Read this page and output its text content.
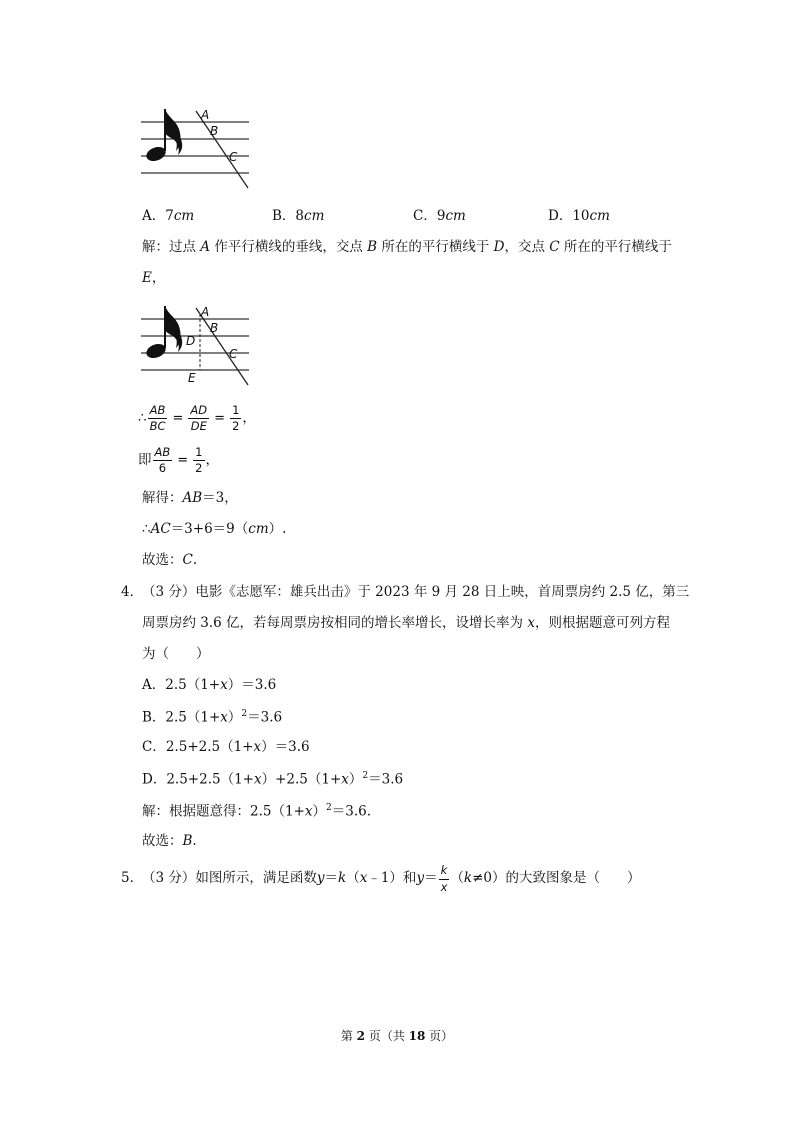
A
B
C
A．7cm	B．8cm	C．9cm	D．10cm
解：过点 A 作平行横线的垂线，交点 B 所在的平行横线于 D，交点 C 所在的平行横线于
E，
A
B
C
D
E
∴ $\frac{AB}{BC} = \frac{AD}{DE} = \frac{1}{2}$ ，
即 $\frac{AB}{6} = \frac{1}{2}$ ，
解得：AB＝3，
∴AC＝3+6＝9（cm）.
故选：C.
4．
（3 分）电影《志愿军：雄兵出击》于 2023 年 9 月 28 日上映，首周票房约 2.5 亿，第三
周票房约 3.6 亿，若每周票房按相同的增长率增长，设增长率为 x，则根据题意可列方程
为（　　）
A．2.5（1+x）＝3.6
B．$2.5(1+x)^2=3.6$
C．2.5+2.5（1+x）＝3.6
D．$2.5+2.5(1+x)+2.5(1+x)^2=3.6$
解：根据题意得：$2.5(1+x)^2=3.6$.
故选：B.
5．
（3 分）如图所示，满足函数 y ＝ k （ x ﹣1）和 $y = \frac{k}{x}$ （ k ≠0）的大致图象是（　　）
第 2 页（共 18 页）
